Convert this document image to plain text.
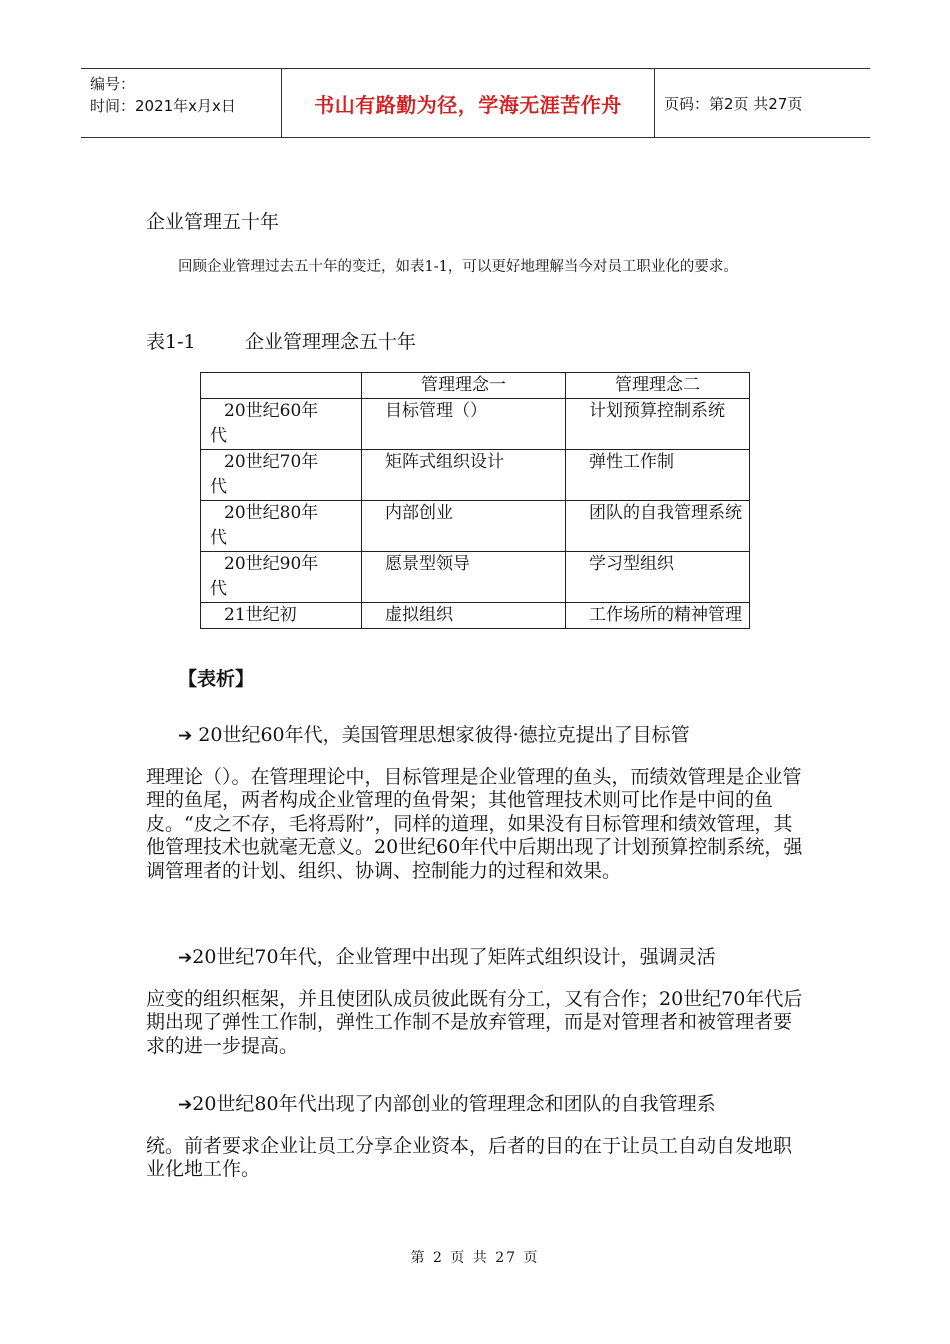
编号：
时间：2021年x月x日	书山有路勤为径，学海无涯苦作舟	页码：第2页 共27页
企业管理五十年
回顾企业管理过去五十年的变迁，如表1-1，可以更好地理解当今对员工职业化的要求。
表1-1	企业管理理念五十年
	管理理念一	管理理念二

20世纪60年
代	目标管理（）	计划预算控制系统

20世纪70年
代	矩阵式组织设计	弹性工作制

20世纪80年
代	内部创业	团队的自我管理系统

20世纪90年
代	愿景型领导	学习型组织

21世纪初	虚拟组织	工作场所的精神管理
【表析】
➔ 20世纪60年代，美国管理思想家彼得·德拉克提出了目标管
理理论（）。在管理理论中，目标管理是企业管理的鱼头，而绩效管理是企业管理的鱼尾，两者构成企业管理的鱼骨架；其他管理技术则可比作是中间的鱼皮。“皮之不存，毛将焉附”，同样的道理，如果没有目标管理和绩效管理，其他管理技术也就毫无意义。20世纪60年代中后期出现了计划预算控制系统，强调管理者的计划、组织、协调、控制能力的过程和效果。
➔20世纪70年代，企业管理中出现了矩阵式组织设计，强调灵活
应变的组织框架，并且使团队成员彼此既有分工，又有合作；20世纪70年代后期出现了弹性工作制，弹性工作制不是放弃管理，而是对管理者和被管理者要求的进一步提高。
➔20世纪80年代出现了内部创业的管理理念和团队的自我管理系
统。前者要求企业让员工分享企业资本，后者的目的在于让员工自动自发地职业化地工作。
第 2 页 共 27 页
